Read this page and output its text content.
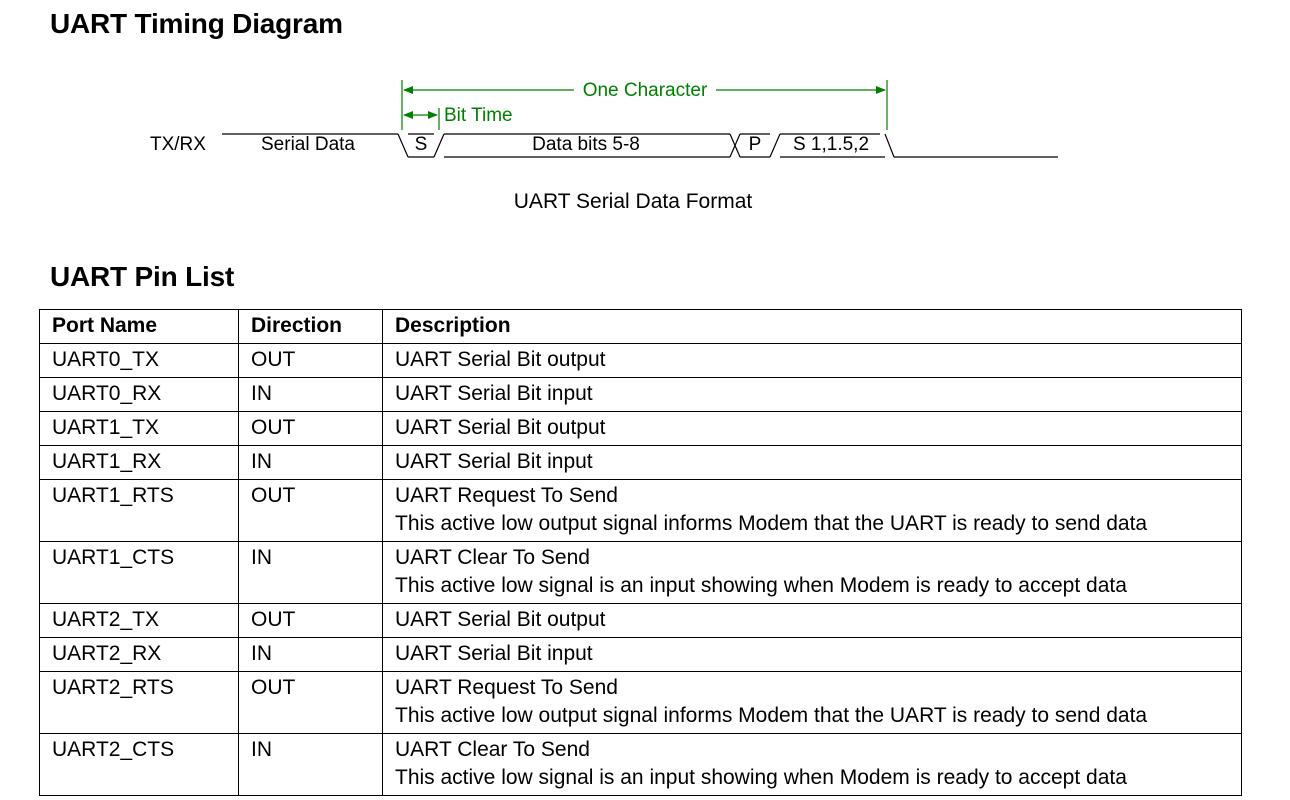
UART Timing Diagram
TX/RX	Serial Data	S	Data bits 5-8	P S 1,1.5,2
One Character
Bit Time
UART Serial Data Format
UART Pin List
Port Name	Direction	Description
UART0_TX	OUT	UART Serial Bit output

UART0_RX	IN	UART Serial Bit input

UART1_TX	OUT	UART Serial Bit output

UART1_RX	IN	UART Serial Bit input

UART1_RTS	OUT	UART Request To Send
This active low output signal informs Modem that the UART is ready to send data

UART1_CTS	IN	UART Clear To Send
This active low signal is an input showing when Modem is ready to accept data

UART2_TX	OUT	UART Serial Bit output

UART2_RX	IN	UART Serial Bit input

UART2_RTS	OUT	UART Request To Send
This active low output signal informs Modem that the UART is ready to send data

UART2_CTS	IN	UART Clear To Send
This active low signal is an input showing when Modem is ready to accept data
